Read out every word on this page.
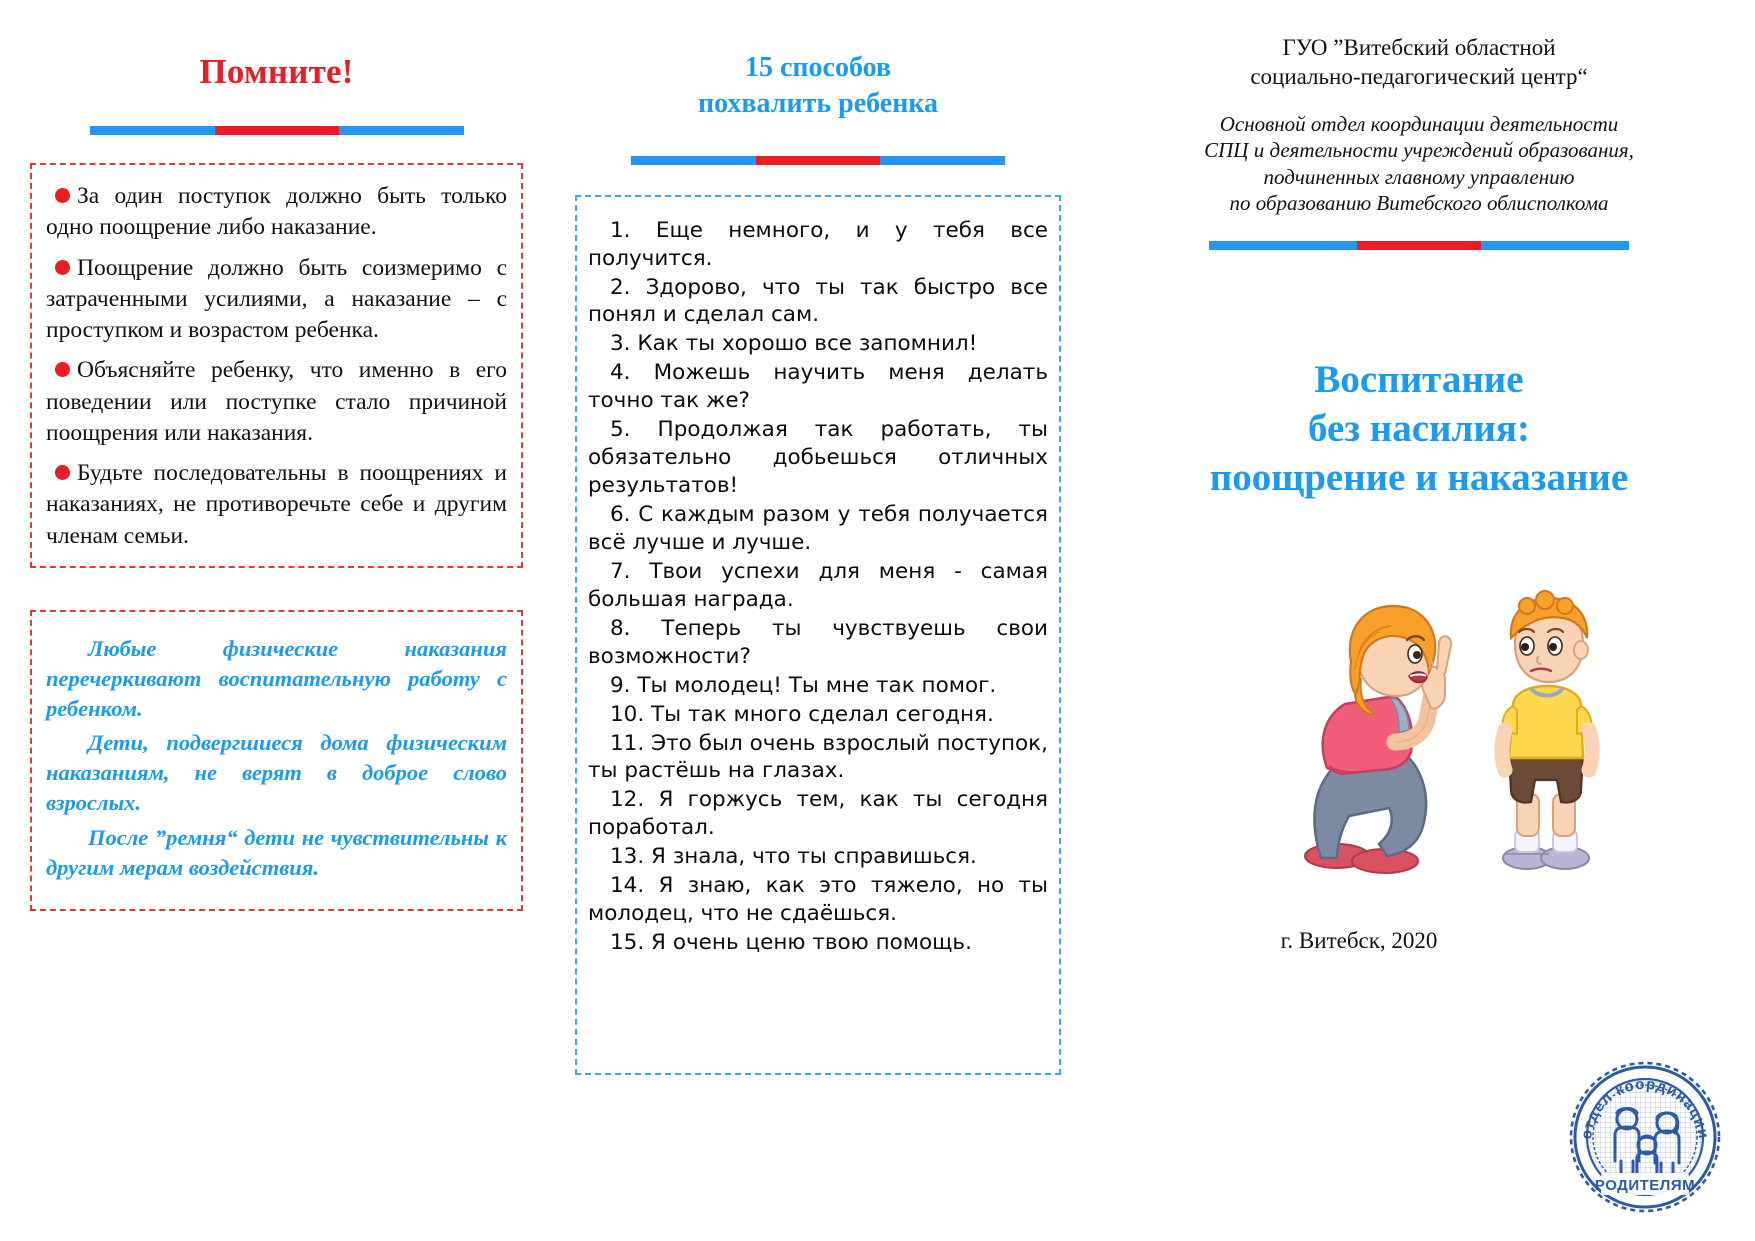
Помните!

За один поступок должно быть только одно поощрение либо наказание.

Поощрение должно быть соизмеримо с затраченными усилиями, а наказание – с проступком и возрастом ребенка.

Объясняйте ребенку, что именно в его поведении или поступке стало причиной поощрения или наказания.

Будьте последовательны в поощрениях и наказаниях, не противоречьте себе и другим членам семьи.

Любые физические наказания перечеркивают воспитательную работу с ребенком.

Дети, подвергшиеся дома физическим наказаниям, не верят в доброе слово взрослых.

После ”ремня“ дети не чувствительны к другим мерам воздействия.

15 способов
похвалить ребенка

1. Еще немного, и у тебя все получится.

2. Здорово, что ты так быстро все понял и сделал сам.

3. Как ты хорошо все запомнил!

4. Можешь научить меня делать точно так же?

5. Продолжая так работать, ты обязательно добьешься отличных результатов!

6. С каждым разом у тебя получается всё лучше и лучше.

7. Твои успехи для меня - самая большая награда.

8. Теперь ты чувствуешь свои возможности?

9. Ты молодец! Ты мне так помог.

10. Ты так много сделал сегодня.

11. Это был очень взрослый поступок, ты растёшь на глазах.

12. Я горжусь тем, как ты сегодня поработал.

13. Я знала, что ты справишься.

14. Я знаю, как это тяжело, но ты молодец, что не сдаёшься.

15. Я очень ценю твою помощь.

ГУО ”Витебский областной
социально-педагогический центр“
Основной отдел координации деятельности
СПЦ и деятельности учреждений образования,
подчиненных главному управлению
по образованию Витебского облисполкома
Воспитание
без насилия:
поощрение и наказание
г. Витебск, 2020
отдел координации
РОДИТЕЛЯМ
